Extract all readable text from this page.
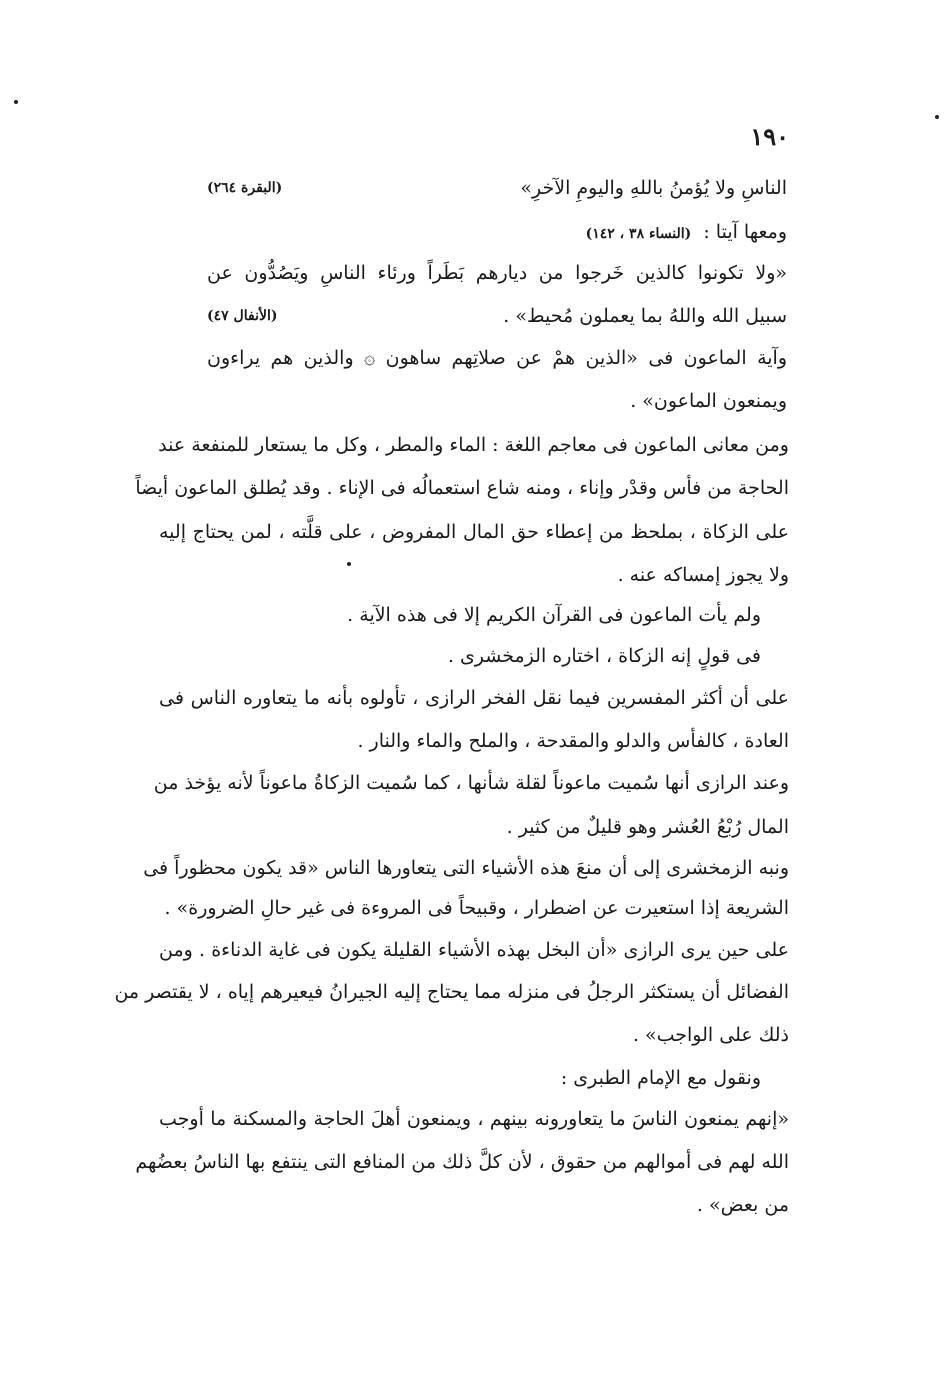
١٩٠
الناسِ ولا يُؤمنُ باللهِ واليومِ الآخرِ»
(البقرة ٢٦٤)
ومعها آيتا : (النساء ٣٨ ، ١٤٢)
«ولا تكونوا كالذين خَرجوا من ديارهم بَطَراً ورئاء الناسِ ويَصُدُّون عن
سبيل الله واللهُ بما يعملون مُحيط» .
(الأنفال ٤٧)
وآية الماعون فى «الذين همْ عن صلاتِهم ساهون ۞ والذين هم يراءون
ويمنعون الماعون» .
ومن معانى الماعون فى معاجم اللغة : الماء والمطر ، وكل ما يستعار للمنفعة عند
الحاجة من فأس وقدْر وإناء ، ومنه شاع استعمالُه فى الإناء . وقد يُطلق الماعون أيضاً
على الزكاة ، بملحظ من إعطاء حق المال المفروض ، على قلَّته ، لمن يحتاج إليه
ولا يجوز إمساكه عنه .
ولم يأت الماعون فى القرآن الكريم إلا فى هذه الآية .
فى قولٍ إنه الزكاة ، اختاره الزمخشرى .
على أن أكثر المفسرين فيما نقل الفخر الرازى ، تأولوه بأنه ما يتعاوره الناس فى
العادة ، كالفأس والدلو والمقدحة ، والملح والماء والنار .
وعند الرازى أنها سُميت ماعوناً لقلة شأنها ، كما سُميت الزكاةُ ماعوناً لأنه يؤخذ من
المال رُبْعُ العُشر وهو قليلٌ من كثير .
ونبه الزمخشرى إلى أن منعَ هذه الأشياء التى يتعاورها الناس «قد يكون محظوراً فى
الشريعة إذا استعيرت عن اضطرار ، وقبيحاً فى المروءة فى غير حالِ الضرورة» .
على حين يرى الرازى «أن البخل بهذه الأشياء القليلة يكون فى غاية الدناءة . ومن
الفضائل أن يستكثر الرجلُ فى منزله مما يحتاج إليه الجيرانُ فيعيرهم إياه ، لا يقتصر من
ذلك على الواجب» .
ونقول مع الإمام الطبرى :
«إنهم يمنعون الناسَ ما يتعاورونه بينهم ، ويمنعون أهلَ الحاجة والمسكنة ما أوجب
الله لهم فى أموالهم من حقوق ، لأن كلَّ ذلك من المنافع التى ينتفع بها الناسُ بعضُهم
من بعض» .
